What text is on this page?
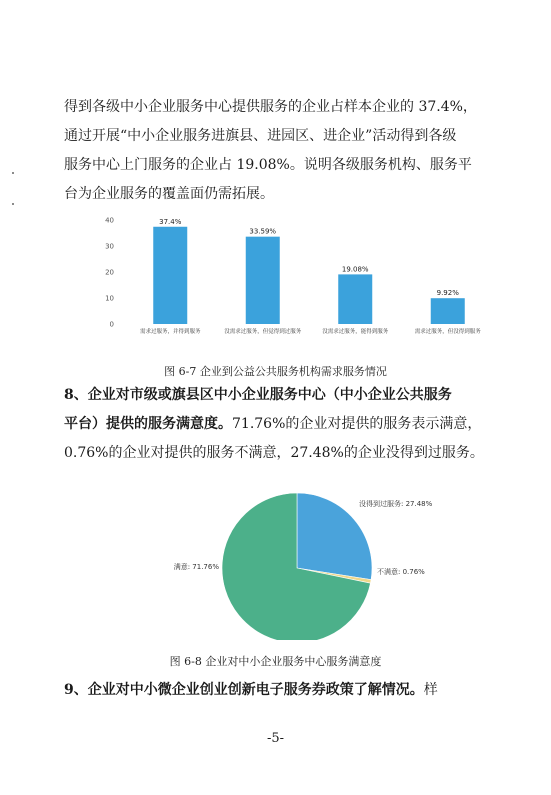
得到各级中小企业服务中心提供服务的企业占样本企业的 37.4%，
通过开展“中小企业服务进旗县、进园区、进企业”活动得到各级
服务中心上门服务的企业占 19.08%。说明各级服务机构、服务平
台为企业服务的覆盖面仍需拓展。
0
10
20
30
40	37.4%
需求过服务，并得到服务
33.59%
没需求过服务，但觉得到过服务
19.08%
没需求过服务，能得到服务
9.92%
需求过服务，但没得到服务
图 6-7 企业到公益公共服务机构需求服务情况
8、企业对市级或旗县区中小企业服务中心（中小企业公共服务
平台）提供的服务满意度。71.76%的企业对提供的服务表示满意，
0.76%的企业对提供的服务不满意，27.48%的企业没得到过服务。
没得到过服务: 27.48%
不满意: 0.76%
满意: 71.76%
图 6-8 企业对中小企业服务中心服务满意度
9、企业对中小微企业创业创新电子服务券政策了解情况。样
-5-
